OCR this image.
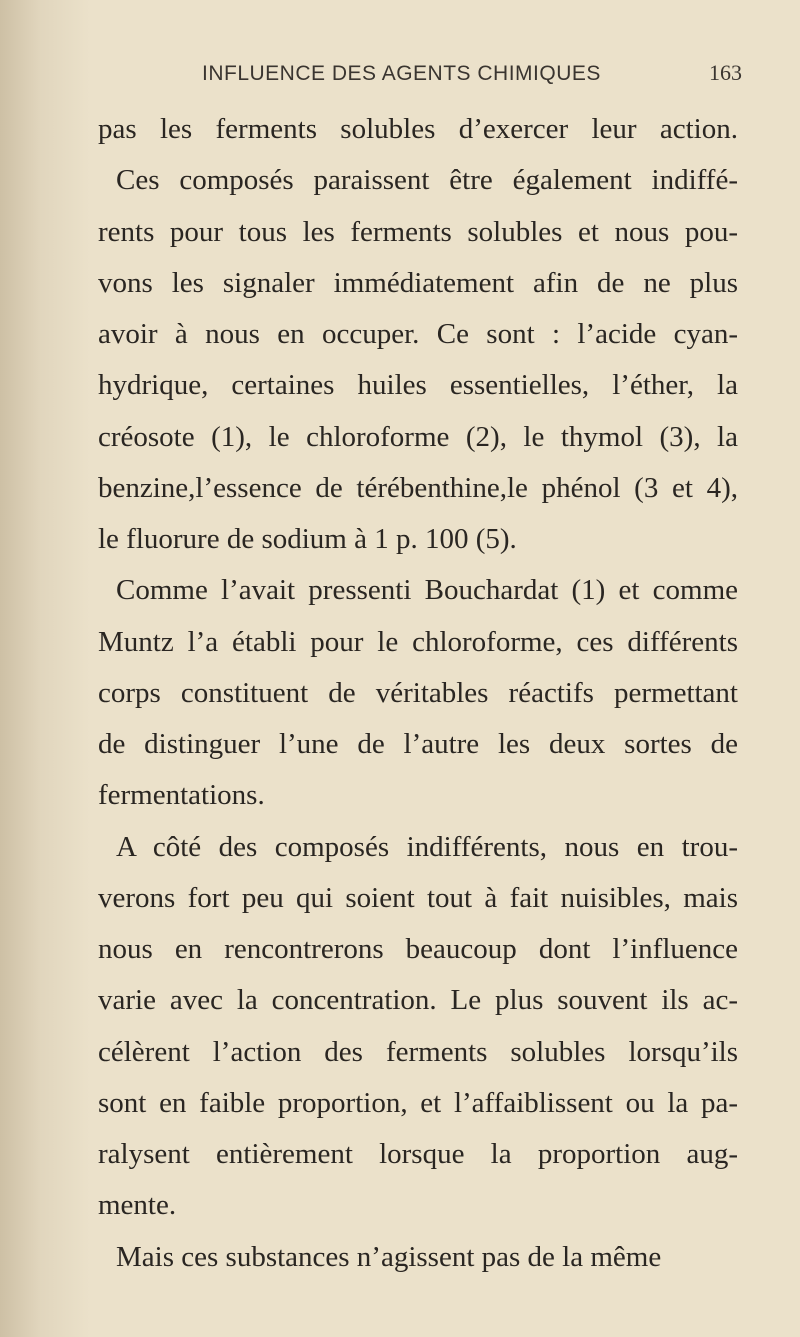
INFLUENCE DES AGENTS CHIMIQUES	163
pas les ferments solubles d’exercer leur action.
Ces composés paraissent être également indiffé-
rents pour tous les ferments solubles et nous pou-
vons les signaler immédiatement afin de ne plus
avoir à nous en occuper. Ce sont : l’acide cyan-
hydrique, certaines huiles essentielles, l’éther, la
créosote (1), le chloroforme (2), le thymol (3), la
benzine,l’essence de térébenthine,le phénol (3 et 4),
le fluorure de sodium à 1 p. 100 (5).
Comme l’avait pressenti Bouchardat (1) et comme
Muntz l’a établi pour le chloroforme, ces différents
corps constituent de véritables réactifs permettant
de distinguer l’une de l’autre les deux sortes de
fermentations.
A côté des composés indifférents, nous en trou-
verons fort peu qui soient tout à fait nuisibles, mais
nous en rencontrerons beaucoup dont l’influence
varie avec la concentration. Le plus souvent ils ac-
célèrent l’action des ferments solubles lorsqu’ils
sont en faible proportion, et l’affaiblissent ou la pa-
ralysent entièrement lorsque la proportion aug-
mente.
Mais ces substances n’agissent pas de la même
